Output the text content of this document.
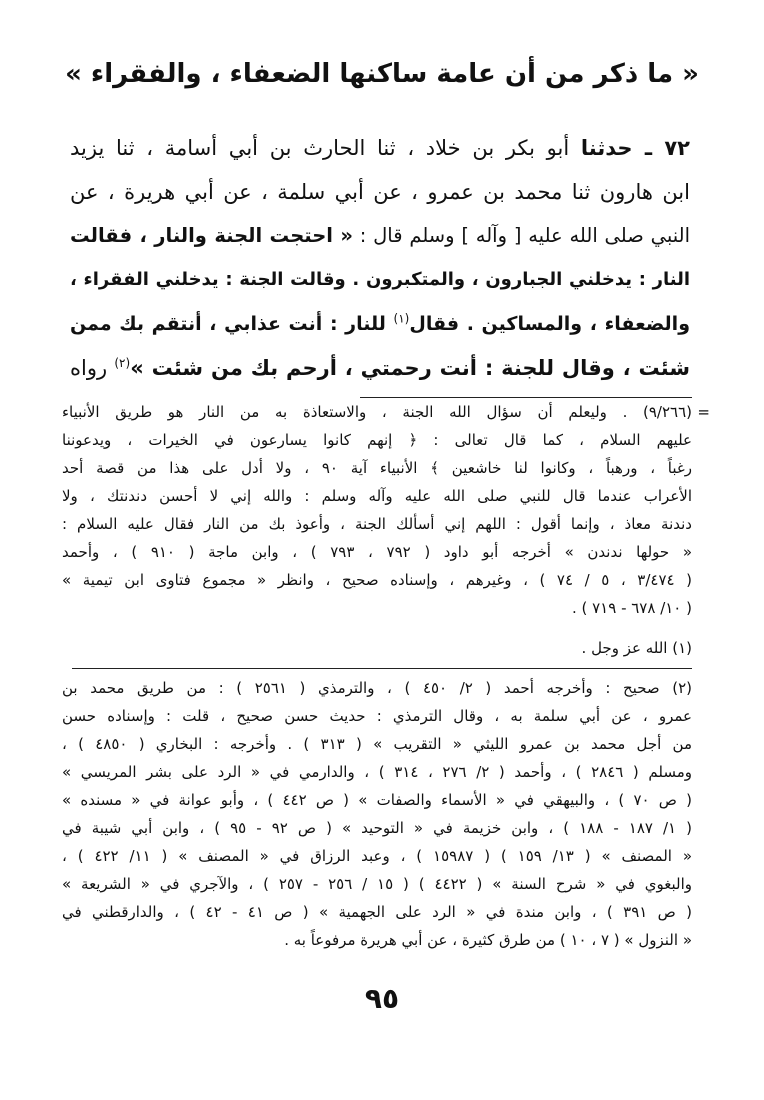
« ما ذكر من أن عامة ساكنها الضعفاء ، والفقراء »
٧٢ ـ حدثنا أبو بكر بن خلاد ، ثنا الحارث بن أبي أسامة ، ثنا يزيد
ابن هارون ثنا محمد بن عمرو ، عن أبي سلمة ، عن أبي هريرة ، عن
النبي صلى الله عليه [ وآله ] وسلم قال : « احتجت الجنة والنار ، فقالت
النار : يدخلني الجبارون ، والمتكبرون . وقالت الجنة : يدخلني الفقراء ،
والضعفاء ، والمساكين . فقال$^{(١)}$ للنار : أنت عذابي ، أنتقم بك ممن
شئت ، وقال للجنة : أنت رحمتي ، أرحم بك من شئت »$^{(٢)}$ رواه
=
(٩/٢٦٦) . وليعلم أن سؤال الله الجنة ، والاستعاذة به من النار هو طريق الأنبياء
عليهم السلام ، كما قال تعالى : ﴿ إنهم كانوا يسارعون في الخيرات ، ويدعوننا
رغباً ، ورهباً ، وكانوا لنا خاشعين ﴾ الأنبياء آية ٩٠ ، ولا أدل على هذا من قصة أحد
الأعراب عندما قال للنبي صلى الله عليه وآله وسلم : والله إني لا أحسن دندنتك ، ولا
دندنة معاذ ، وإنما أقول : اللهم إني أسألك الجنة ، وأعوذ بك من النار فقال عليه السلام :
« حولها ندندن » أخرجه أبو داود ( ٧٩٢ ، ٧٩٣ ) ، وابن ماجة ( ٩١٠ ) ، وأحمد
( ٣/٤٧٤ ، ٥ / ٧٤ ) ، وغيرهم ، وإسناده صحيح ، وانظر « مجموع فتاوى ابن تيمية »
( ١٠/ ٦٧٨ - ٧١٩ ) .
(١) الله عز وجل .
(٢) صحيح : وأخرجه أحمد ( ٢/ ٤٥٠ ) ، والترمذي ( ٢٥٦١ ) : من طريق محمد بن
عمرو ، عن أبي سلمة به ، وقال الترمذي : حديث حسن صحيح ، قلت : وإسناده حسن
من أجل محمد بن عمرو الليثي « التقريب » ( ٣١٣ ) . وأخرجه : البخاري ( ٤٨٥٠ ) ،
ومسلم ( ٢٨٤٦ ) ، وأحمد ( ٢/ ٢٧٦ ، ٣١٤ ) ، والدارمي في « الرد على بشر المريسي »
( ص ٧٠ ) ، والبيهقي في « الأسماء والصفات » ( ص ٤٤٢ ) ، وأبو عوانة في « مسنده »
( ١/ ١٨٧ - ١٨٨ ) ، وابن خزيمة في « التوحيد » ( ص ٩٢ - ٩٥ ) ، وابن أبي شيبة في
« المصنف » ( ١٣/ ١٥٩ ) ( ١٥٩٨٧ ) ، وعبد الرزاق في « المصنف » ( ١١/ ٤٢٢ ) ،
والبغوي في « شرح السنة » ( ٤٤٢٢ ) ( ١٥ / ٢٥٦ - ٢٥٧ ) ، والآجري في « الشريعة »
( ص ٣٩١ ) ، وابن مندة في « الرد على الجهمية » ( ص ٤١ - ٤٢ ) ، والدارقطني في
« النزول » ( ٧ ، ١٠ ) من طرق كثيرة ، عن أبي هريرة مرفوعاً به .
٩٥
